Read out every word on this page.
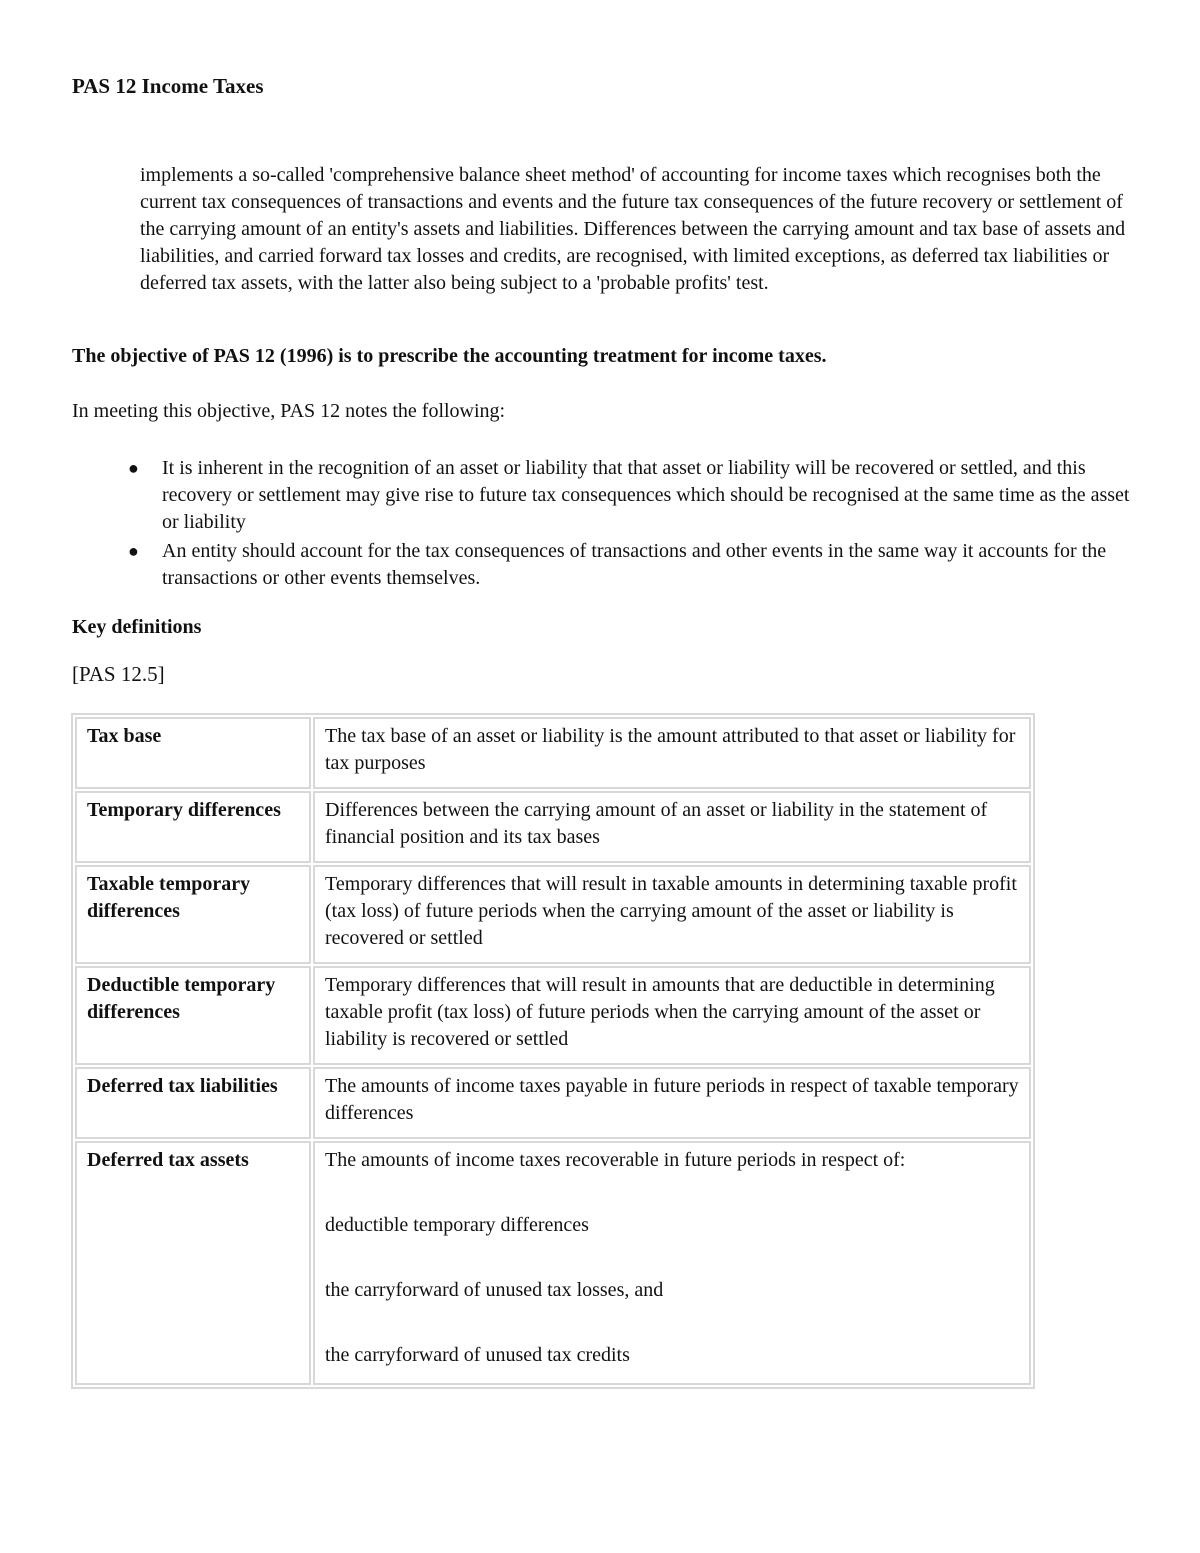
PAS 12 Income Taxes
implements a so-called 'comprehensive balance sheet method' of accounting for income taxes which recognises both the current tax consequences of transactions and events and the future tax consequences of the future recovery or settlement of the carrying amount of an entity's assets and liabilities. Differences between the carrying amount and tax base of assets and liabilities, and carried forward tax losses and credits, are recognised, with limited exceptions, as deferred tax liabilities or deferred tax assets, with the latter also being subject to a 'probable profits' test.
The objective of PAS 12 (1996) is to prescribe the accounting treatment for income taxes.
In meeting this objective, PAS 12 notes the following:
● It is inherent in the recognition of an asset or liability that that asset or liability will be recovered or settled, and this recovery or settlement may give rise to future tax consequences which should be recognised at the same time as the asset or liability
● An entity should account for the tax consequences of transactions and other events in the same way it accounts for the transactions or other events themselves.
Key definitions
[PAS 12.5]
Tax base	The tax base of an asset or liability is the amount attributed to that asset or liability for tax purposes
Temporary differences	Differences between the carrying amount of an asset or liability in the statement of financial position and its tax bases
Taxable temporary differences	Temporary differences that will result in taxable amounts in determining taxable profit (tax loss) of future periods when the carrying amount of the asset or liability is recovered or settled
Deductible temporary differences	Temporary differences that will result in amounts that are deductible in determining taxable profit (tax loss) of future periods when the carrying amount of the asset or liability is recovered or settled
Deferred tax liabilities	The amounts of income taxes payable in future periods in respect of taxable temporary differences
Deferred tax assets	The amounts of income taxes recoverable in future periods in respect of:
deductible temporary differences
the carryforward of unused tax losses, and
the carryforward of unused tax credits
